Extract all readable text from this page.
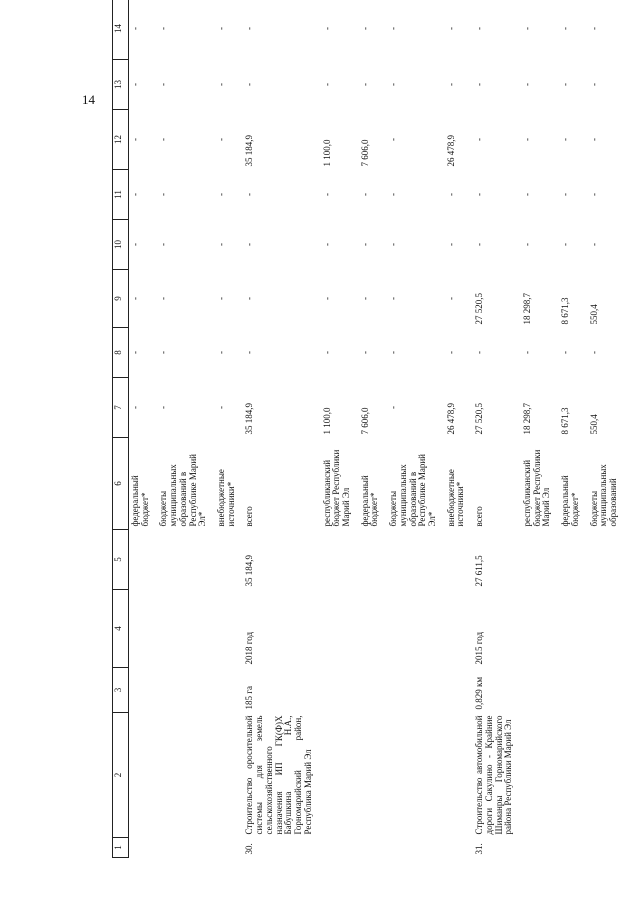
14
1	2	3	4	5	6	7	8	9	10	11	12	13	14
					федеральный бюджет*	-	-	-	-	-	-	-	-
					бюджеты муниципальных образований в Республике Марий Эл*	-	-	-	-	-	-	-	-
					внебюджетные источники*	-	-	-	-	-	-	-	-
30.	Строительство оросительной системы для земель сельскохозяйственного назначения ИП ГК(Ф)Х Бабушкина Н.А., Горномарийский район, Республика Марий Эл	185 га	2018 год	35 184,9	всего	35 184,9	-	-	-	-	35 184,9	-	-
					республиканский бюджет Республики Марий Эл	1 100,0	-	-	-	-	1 100,0	-	-
					федеральный бюджет*	7 606,0	-	-	-	-	7 606,0	-	-
					бюджеты муниципальных образований в Республике Марий Эл*	-	-	-	-	-	-	-	-
					внебюджетные источники*	26 478,9	-	-	-	-	26 478,9	-	-
31.	Строительство автомобильной дороги Сакулино - Крайние Шиманры Горномарийского района Республики Марий Эл	0,829 км	2015 год	27 611,5	всего	27 520,5	-	27 520,5	-	-	-	-	-
					республиканский бюджет Республики Марий Эл	18 298,7	-	18 298,7	-	-	-	-	-
					федеральный бюджет*	8 671,3	-	8 671,3	-	-	-	-	-
					бюджеты муниципальных образований	550,4	-	550,4	-	-	-	-	-
